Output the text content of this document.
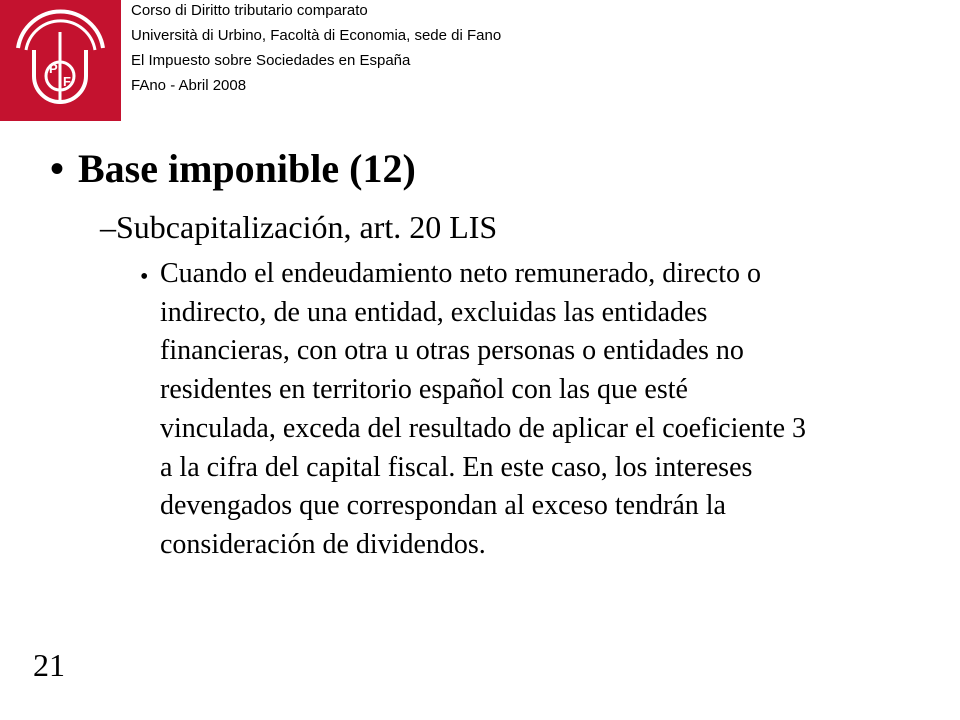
P
F
Corso di Diritto tributario comparato
Università di Urbino, Facoltà di Economia, sede di Fano
El Impuesto sobre Sociedades en España
FAno - Abril 2008
• Base imponible (12)
–Subcapitalización, art. 20 LIS
• Cuando el endeudamiento neto remunerado, directo o
indirecto, de una entidad, excluidas las entidades
financieras, con otra u otras personas o entidades no
residentes en territorio español con las que esté
vinculada, exceda del resultado de aplicar el coeficiente 3
a la cifra del capital fiscal. En este caso, los intereses
devengados que correspondan al exceso tendrán la
consideración de dividendos.
21
